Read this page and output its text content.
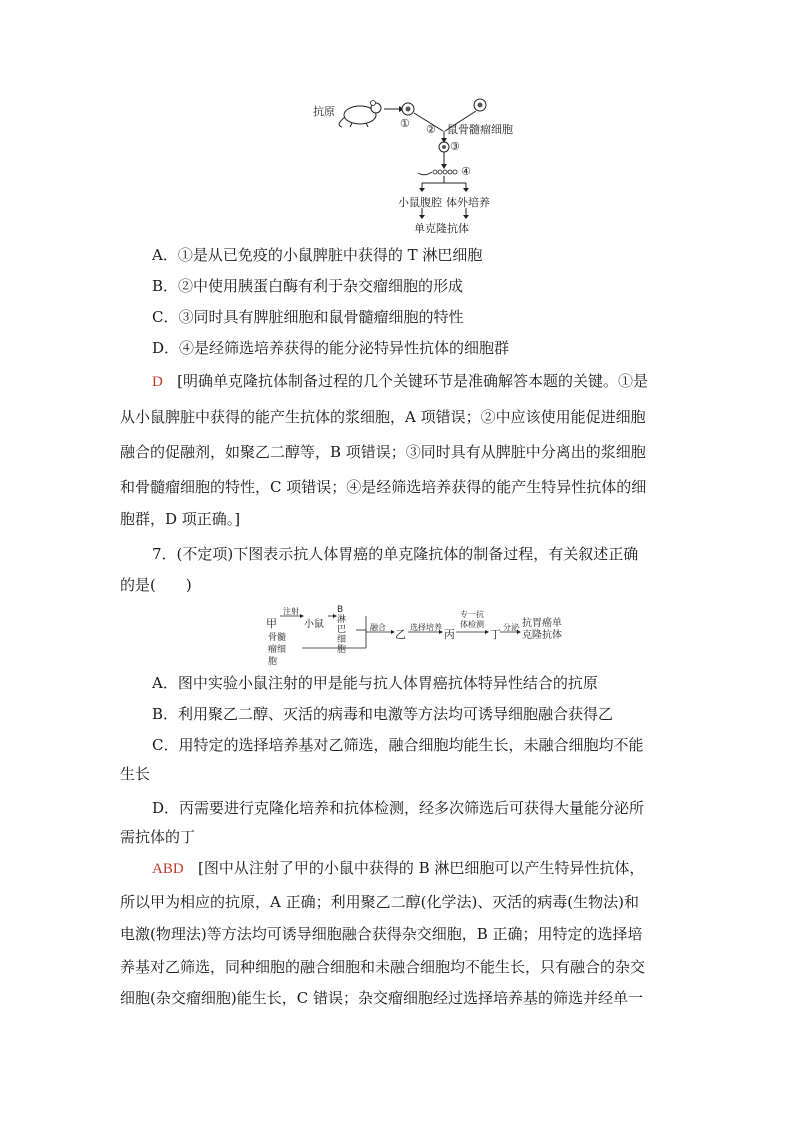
抗原
① ② 鼠骨髓瘤细胞
③
④
小鼠腹腔 体外培养
单克隆抗体
A．①是从已免疫的小鼠脾脏中获得的 T 淋巴细胞
B．②中使用胰蛋白酶有利于杂交瘤细胞的形成
C．③同时具有脾脏细胞和鼠骨髓瘤细胞的特性
D．④是经筛选培养获得的能分泌特异性抗体的细胞群
D [明确单克隆抗体制备过程的几个关键环节是准确解答本题的关键。①是
从小鼠脾脏中获得的能产生抗体的浆细胞，A 项错误；②中应该使用能促进细胞
融合的促融剂，如聚乙二醇等，B 项错误；③同时具有从脾脏中分离出的浆细胞
和骨髓瘤细胞的特性，C 项错误；④是经筛选培养获得的能产生特异性抗体的细
胞群，D 项正确。]
7．(不定项)下图表示抗人体胃癌的单克隆抗体的制备过程，有关叙述正确
的是(　　)
甲
注射
小鼠
B淋巴细胞
骨髓瘤细胞
融合
乙
选择培养
丙
专一抗体检测
丁
分泌 抗胃癌单克隆抗体
A．图中实验小鼠注射的甲是能与抗人体胃癌抗体特异性结合的抗原
B．利用聚乙二醇、灭活的病毒和电激等方法均可诱导细胞融合获得乙
C．用特定的选择培养基对乙筛选，融合细胞均能生长，未融合细胞均不能
生长
D．丙需要进行克隆化培养和抗体检测，经多次筛选后可获得大量能分泌所
需抗体的丁
ABD [图中从注射了甲的小鼠中获得的 B 淋巴细胞可以产生特异性抗体，
所以甲为相应的抗原，A 正确；利用聚乙二醇(化学法)、灭活的病毒(生物法)和
电激(物理法)等方法均可诱导细胞融合获得杂交细胞，B 正确；用特定的选择培
养基对乙筛选，同种细胞的融合细胞和未融合细胞均不能生长，只有融合的杂交
细胞(杂交瘤细胞)能生长，C 错误；杂交瘤细胞经过选择培养基的筛选并经单一
